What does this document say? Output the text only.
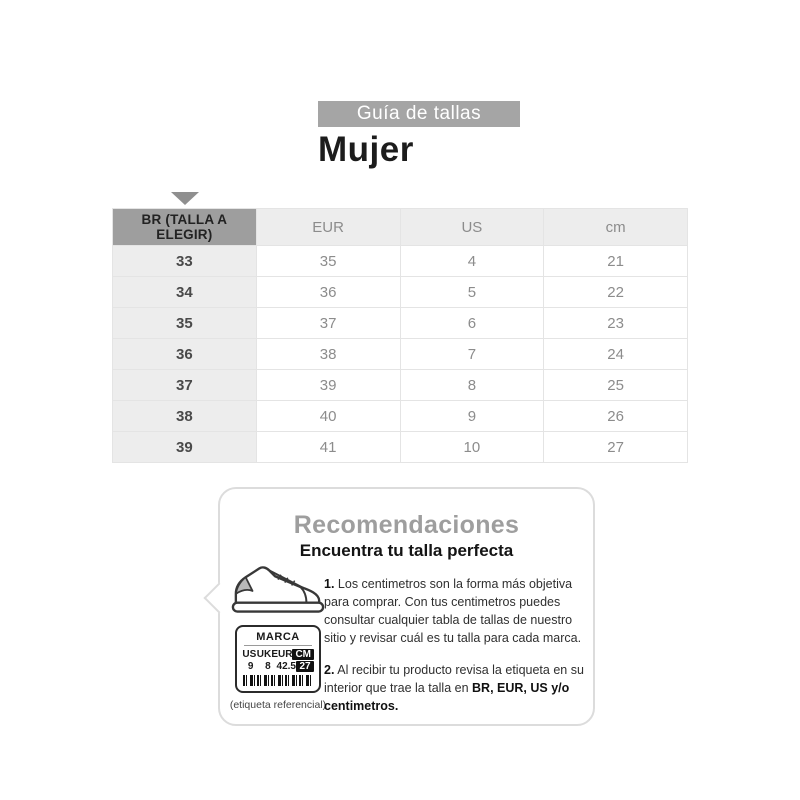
Guía de tallas
Mujer
BR (TALLA A ELEGIR)	EUR	US	cm
33	35	4	21
34	36	5	22
35	37	6	23
36	38	7	24
37	39	8	25
38	40	9	26
39	41	10	27
Recomendaciones
Encuentra tu talla perfecta
MARCA
US UK EUR CM
9	8 42.5 27
(etiqueta referencial)
1. Los centimetros son la forma más objetiva para comprar. Con tus centimetros puedes consultar cualquier tabla de tallas de nuestro sitio y revisar cuál es tu talla para cada marca.
2. Al recibir tu producto revisa la etiqueta en su interior que trae la talla en BR, EUR, US y/o centimetros.
